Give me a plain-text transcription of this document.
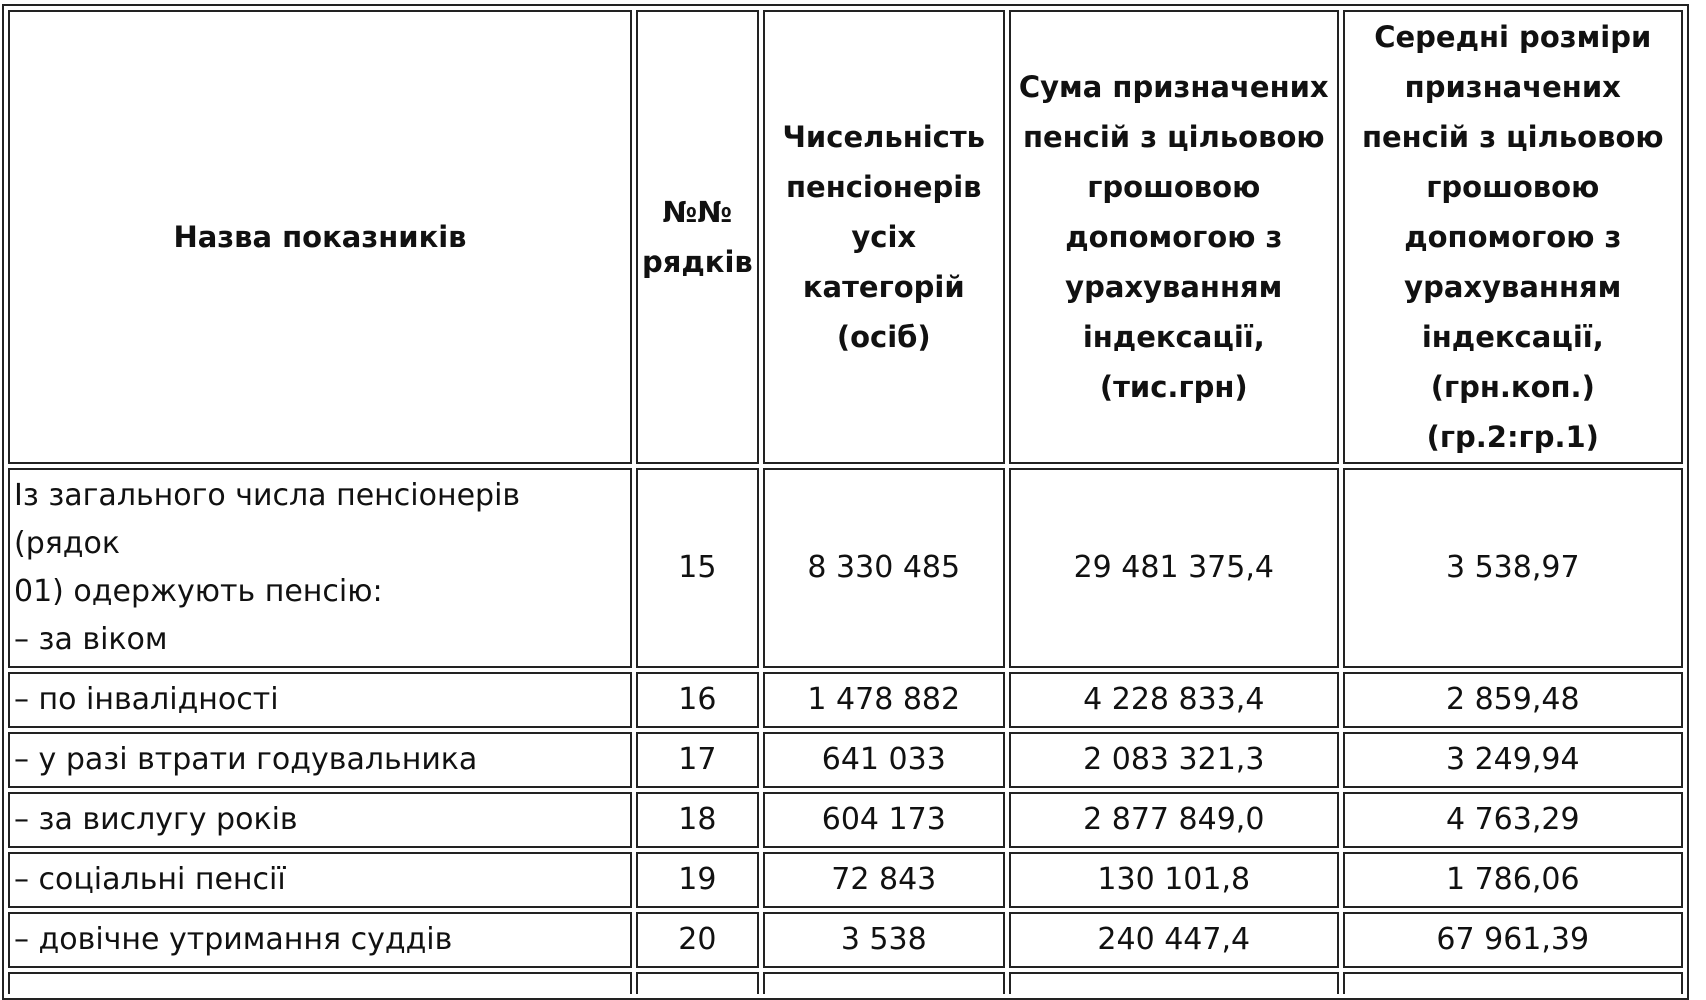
Назва показників	№№ рядків	Чисельність пенсіонерів усіх категорій (осіб)	Сума призначених пенсій з цільовою грошовою допомогою з урахуванням індексації, (тис.грн)	Середні розміри призначених пенсій з цільовою грошовою допомогою з урахуванням індексації, (грн.коп.) (гр.2:гр.1)
Із загального числа пенсіонерів (рядок
01) одержують пенсію:
– за віком	15	8 330 485	29 481 375,4	3 538,97
– по інвалідності	16	1 478 882	4 228 833,4	2 859,48
– у разі втрати годувальника	17	641 033	2 083 321,3	3 249,94
– за вислугу років	18	604 173	2 877 849,0	4 763,29
– соціальні пенсії	19	72 843	130 101,8	1 786,06
– довічне утримання суддів	20	3 538	240 447,4	67 961,39
